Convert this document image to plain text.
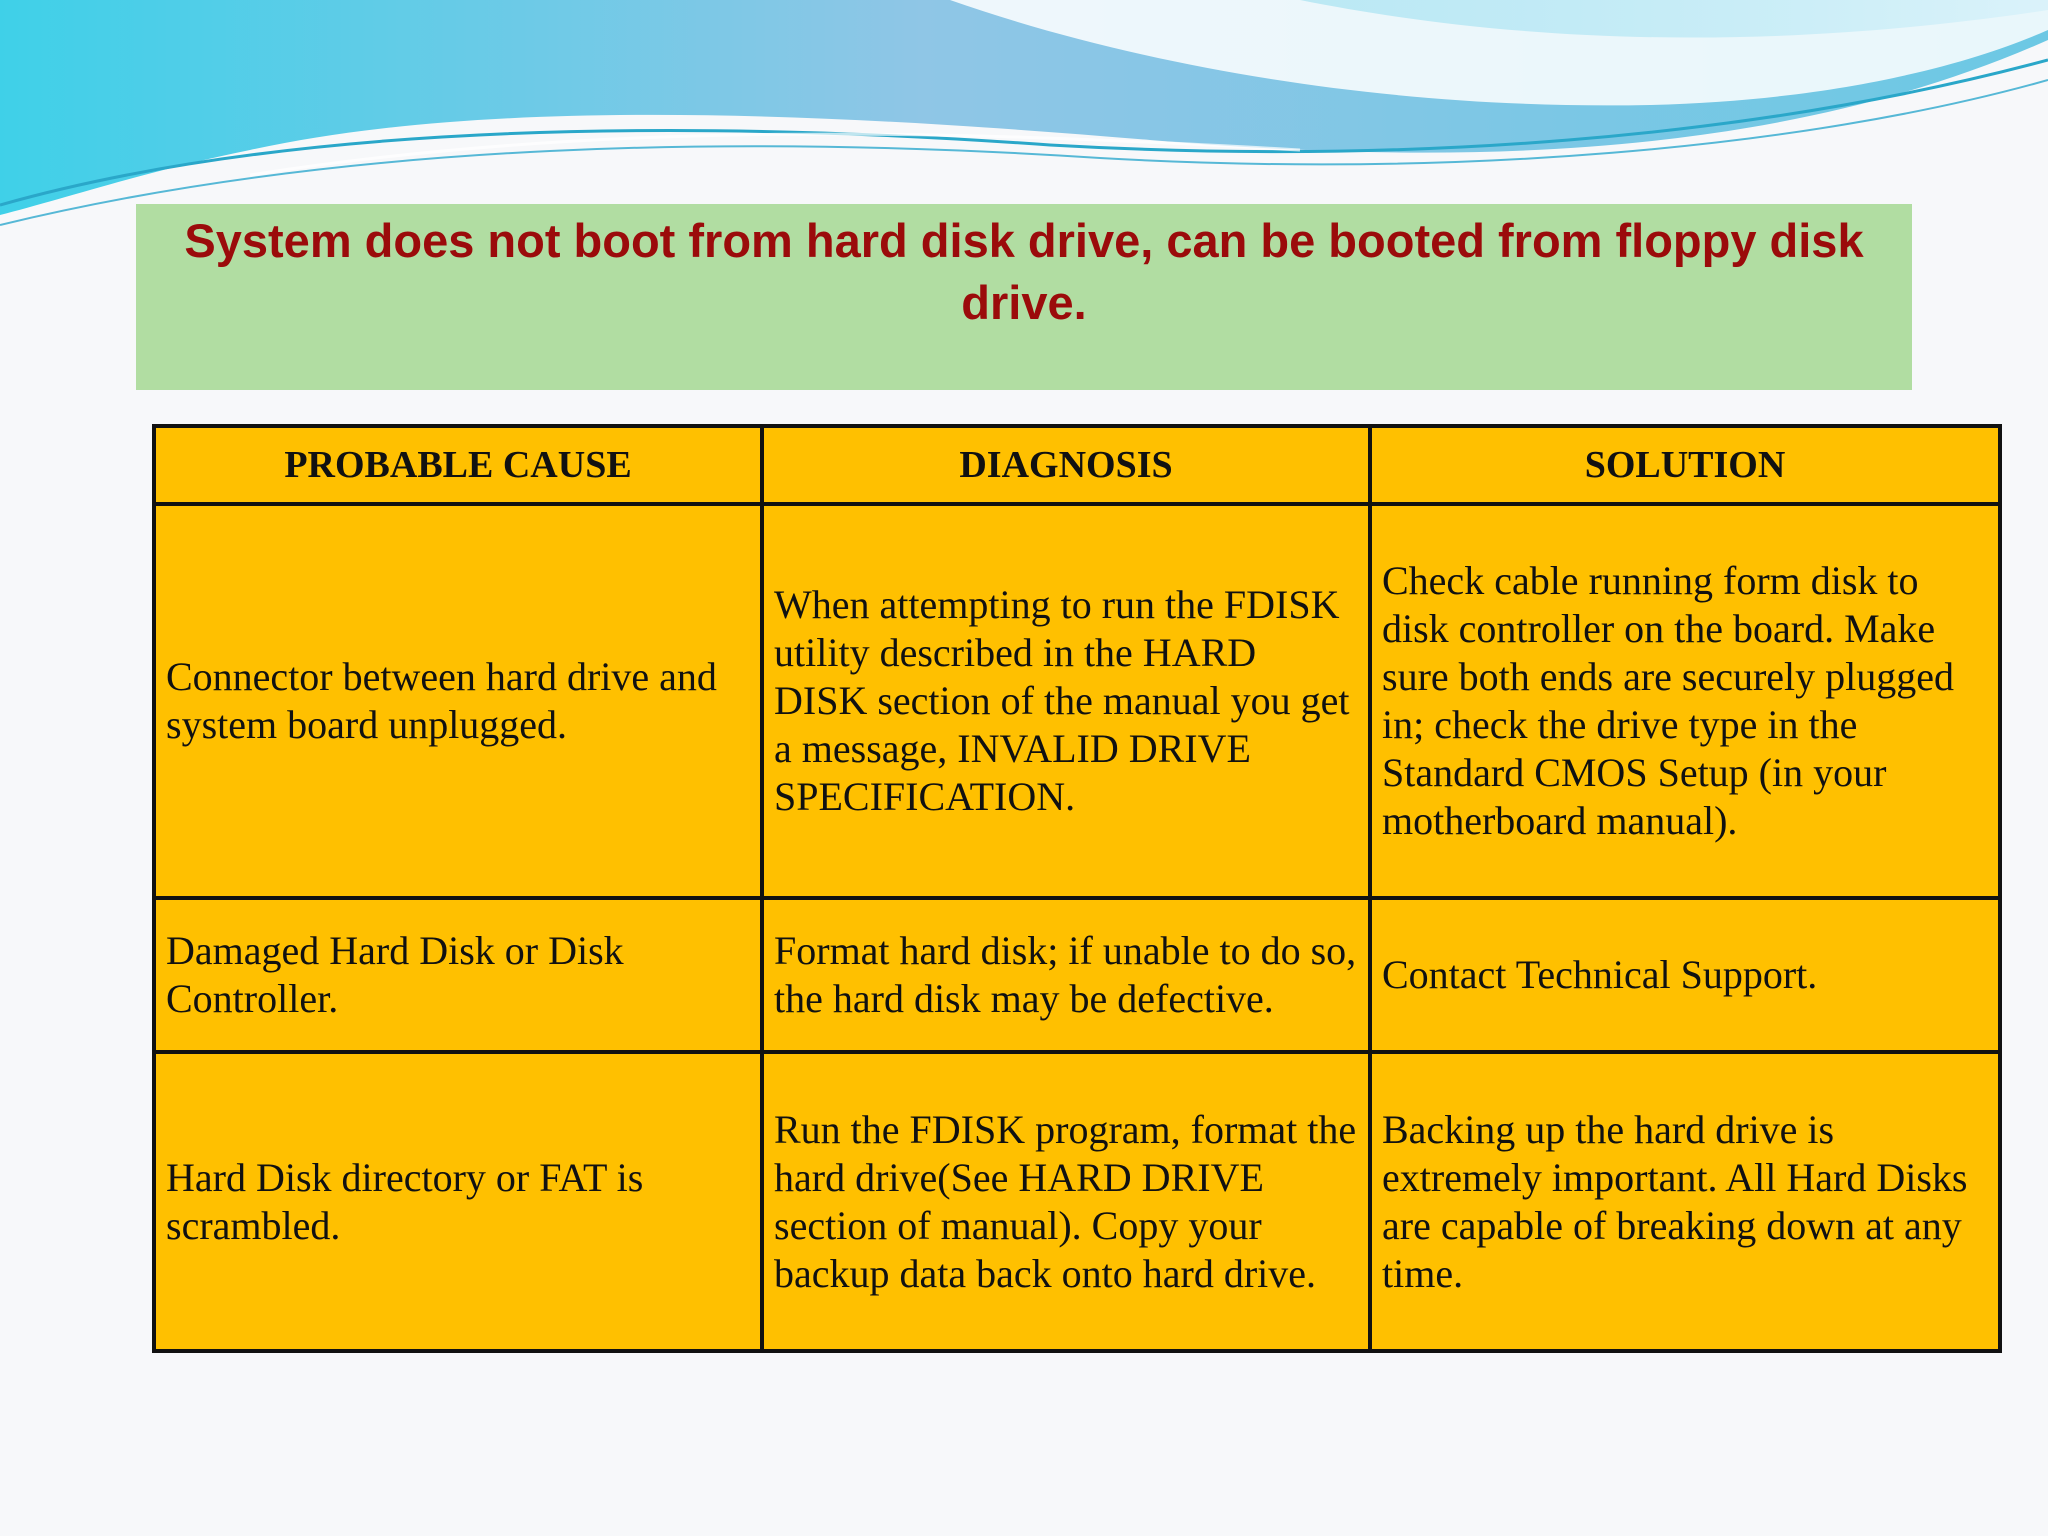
System does not boot from hard disk drive, can be booted from floppy disk drive.
PROBABLE CAUSE	DIAGNOSIS	SOLUTION
Connector between hard drive and system board unplugged.	When attempting to run the FDISK utility described in the HARD DISK section of the manual you get a message, INVALID DRIVE SPECIFICATION.	Check cable running form disk to disk controller on the board. Make sure both ends are securely plugged in; check the drive type in the Standard CMOS Setup (in your motherboard manual).
Damaged Hard Disk or Disk Controller.	Format hard disk; if unable to do so, the hard disk may be defective.	Contact Technical Support.
Hard Disk directory or FAT is scrambled.	Run the FDISK program, format the hard drive(See HARD DRIVE section of manual). Copy your backup data back onto hard drive.	Backing up the hard drive is extremely important. All Hard Disks are capable of breaking down at any time.
